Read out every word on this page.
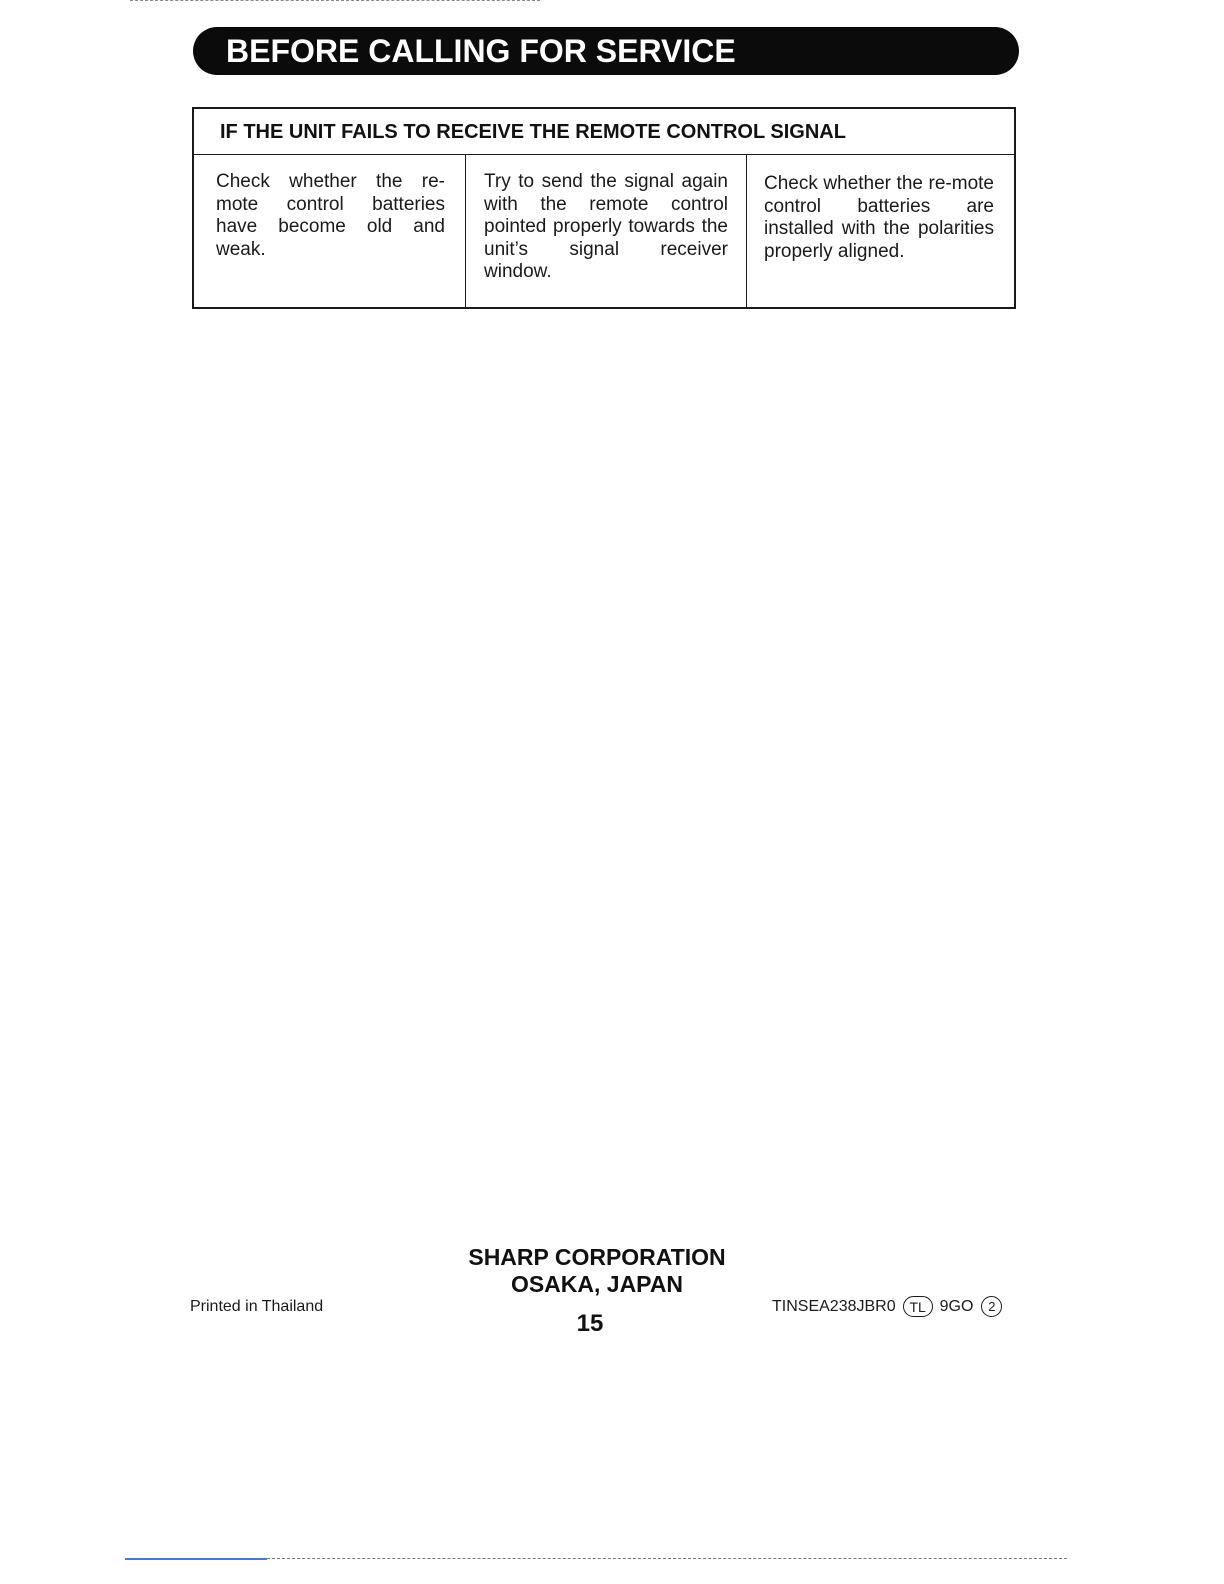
BEFORE CALLING FOR SERVICE
IF THE UNIT FAILS TO RECEIVE THE REMOTE CONTROL SIGNAL
Check whether the re-mote control batteries have become old and weak.
Try to send the signal again with the remote control pointed properly towards the unit’s signal receiver window.
Check whether the re-mote control batteries are installed with the polarities properly aligned.
SHARP CORPORATION
OSAKA, JAPAN
Printed in Thailand
15
TINSEA238JBR0 TL 9GO	2
